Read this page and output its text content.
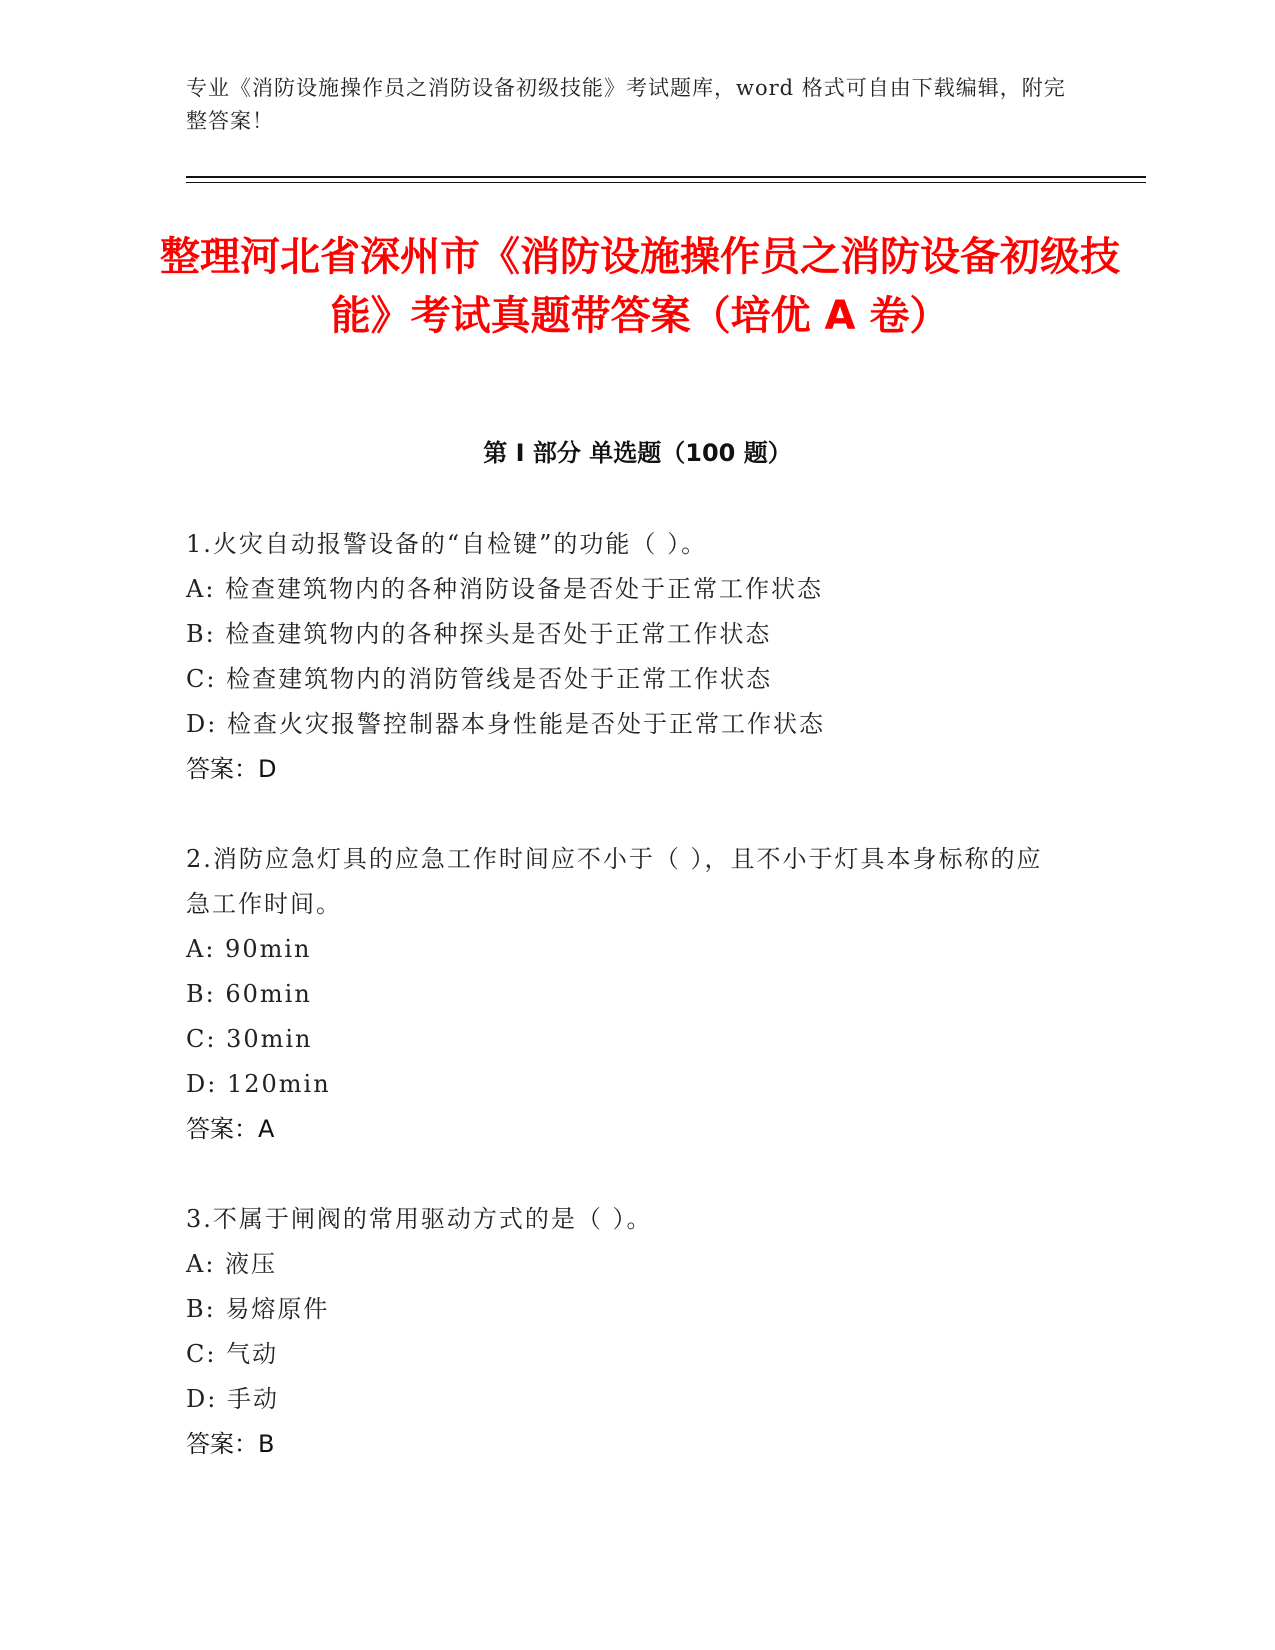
专业《消防设施操作员之消防设备初级技能》考试题库，word 格式可自由下载编辑，附完整答案！
整理河北省深州市《消防设施操作员之消防设备初级技能》考试真题带答案（培优 A 卷）
第 I 部分 单选题（100 题）
1.火灾自动报警设备的“自检键”的功能（ ）。
A: 检查建筑物内的各种消防设备是否处于正常工作状态
B: 检查建筑物内的各种探头是否处于正常工作状态
C: 检查建筑物内的消防管线是否处于正常工作状态
D: 检查火灾报警控制器本身性能是否处于正常工作状态
答案：D
2.消防应急灯具的应急工作时间应不小于（ ），且不小于灯具本身标称的应急工作时间。
A: 90min
B: 60min
C: 30min
D: 120min
答案：A
3.不属于闸阀的常用驱动方式的是（ ）。
A: 液压
B: 易熔原件
C: 气动
D: 手动
答案：B
